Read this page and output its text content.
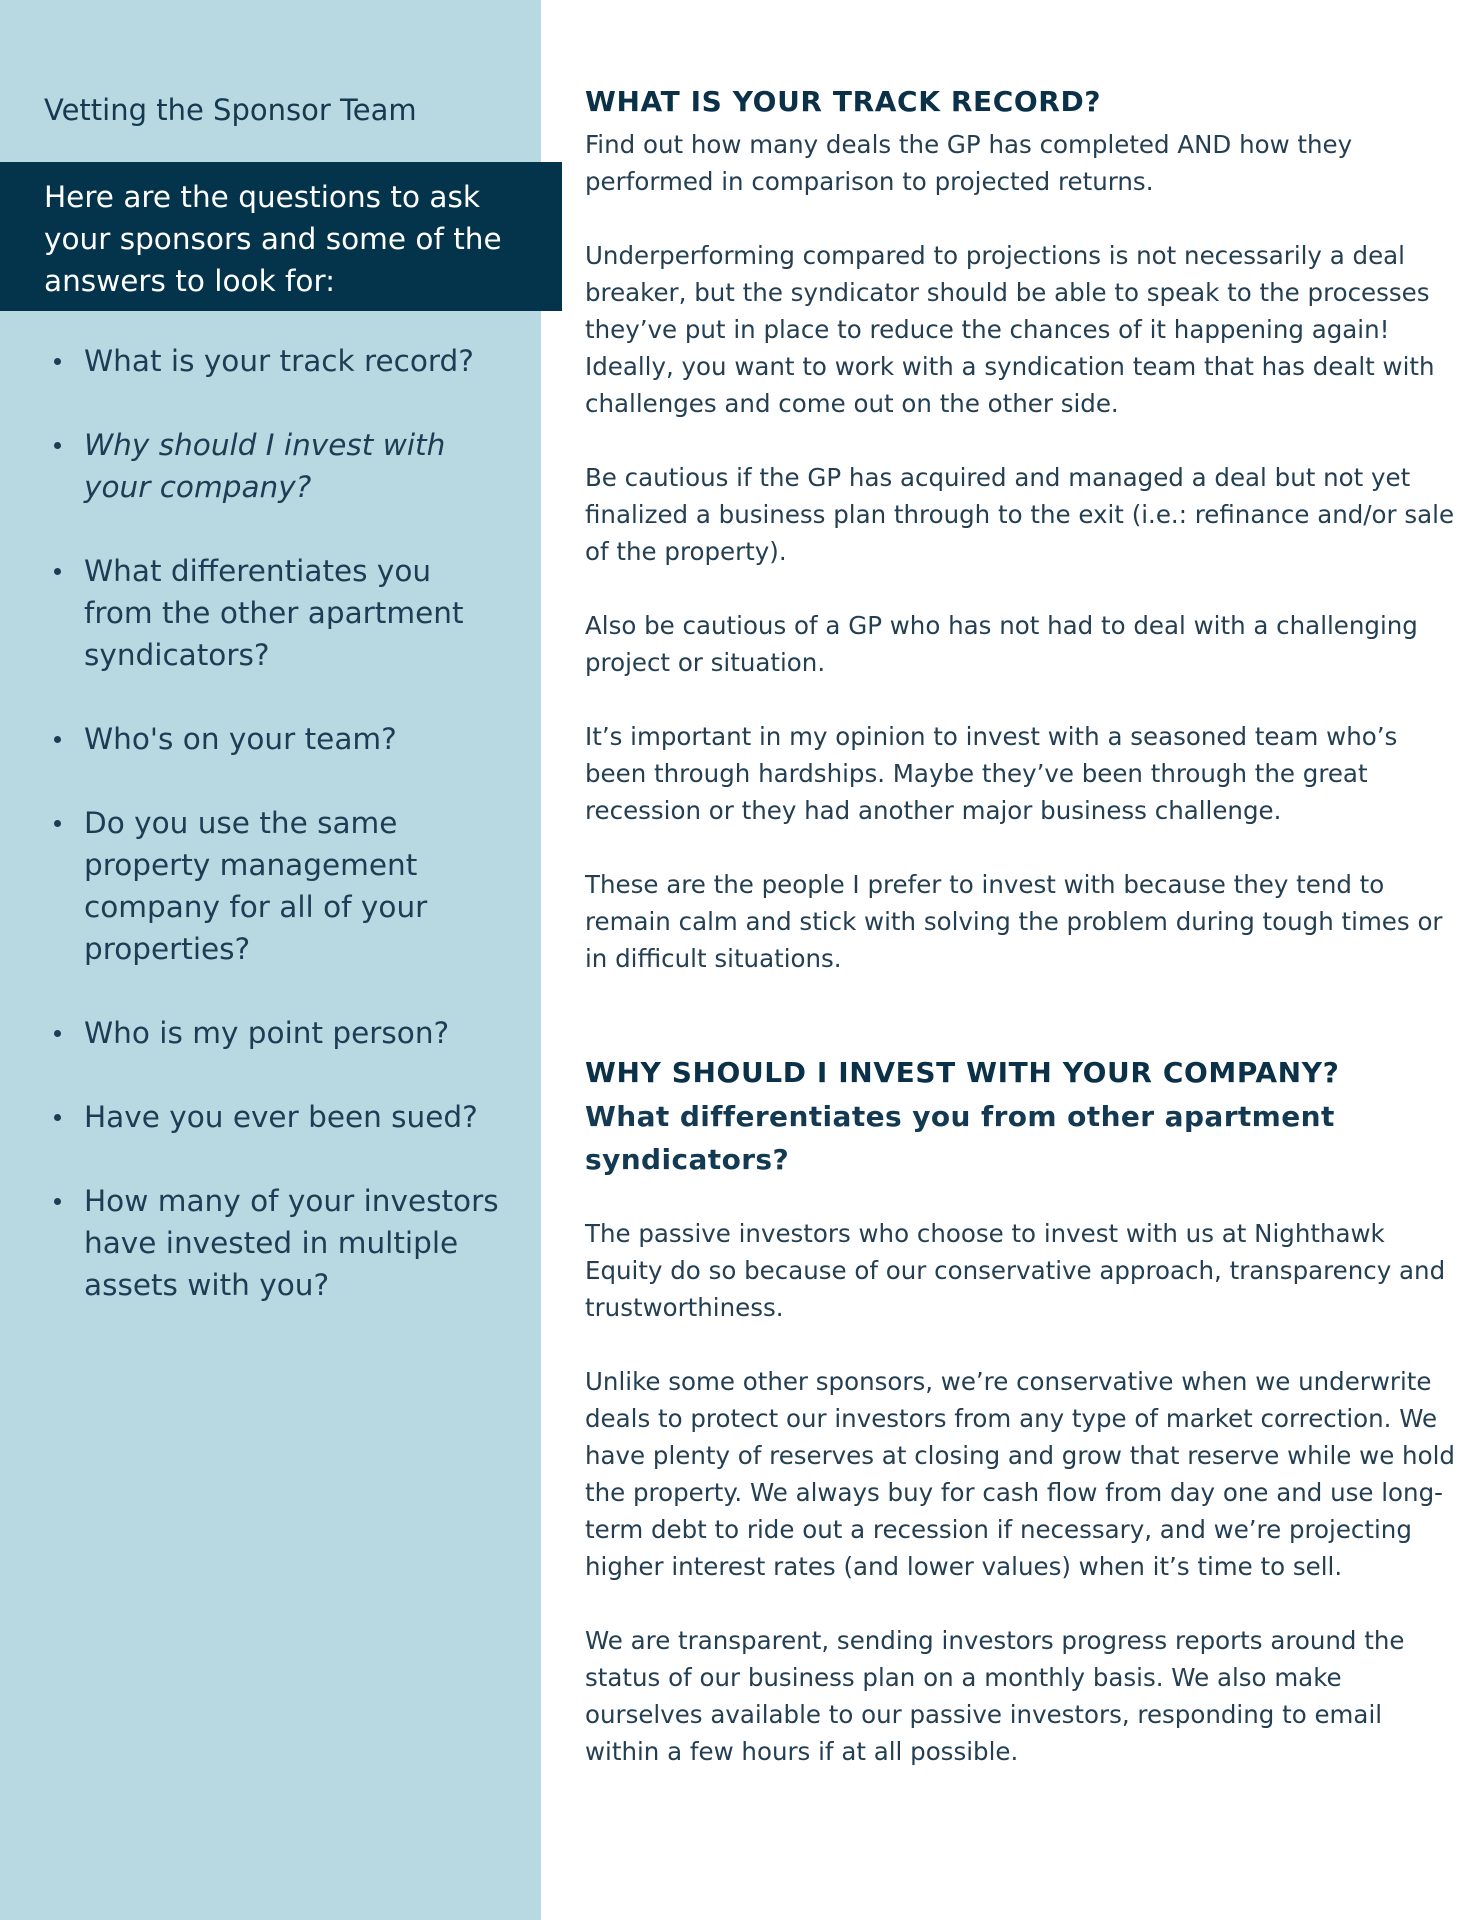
Vetting the Sponsor Team

Here are the questions to ask your sponsors and some of the answers to look for:

What is your track record?
Why should I invest with your company?
What differentiates you from the other apartment syndicators?
Who's on your team?
Do you use the same property management company for all of your properties?
Who is my point person?
Have you ever been sued?
How many of your investors have invested in multiple assets with you?
WHAT IS YOUR TRACK RECORD?

Find out how many deals the GP has completed AND how they performed in comparison to projected returns.

Underperforming compared to projections is not necessarily a deal breaker, but the syndicator should be able to speak to the processes they’ve put in place to reduce the chances of it happening again! Ideally, you want to work with a syndication team that has dealt with challenges and come out on the other side.

Be cautious if the GP has acquired and managed a deal but not yet finalized a business plan through to the exit (i.e.: refinance and/or sale of the property).

Also be cautious of a GP who has not had to deal with a challenging project or situation.

It’s important in my opinion to invest with a seasoned team who’s been through hardships. Maybe they’ve been through the great recession or they had another major business challenge.

These are the people I prefer to invest with because they tend to remain calm and stick with solving the problem during tough times or in difficult situations.

WHY SHOULD I INVEST WITH YOUR COMPANY?
What differentiates you from other apartment syndicators?

The passive investors who choose to invest with us at Nighthawk Equity do so because of our conservative approach, transparency and trustworthiness.

Unlike some other sponsors, we’re conservative when we underwrite deals to protect our investors from any type of market correction. We have plenty of reserves at closing and grow that reserve while we hold the property. We always buy for cash flow from day one and use long-term debt to ride out a recession if necessary, and we’re projecting higher interest rates (and lower values) when it’s time to sell.

We are transparent, sending investors progress reports around the status of our business plan on a monthly basis. We also make ourselves available to our passive investors, responding to email within a few hours if at all possible.
